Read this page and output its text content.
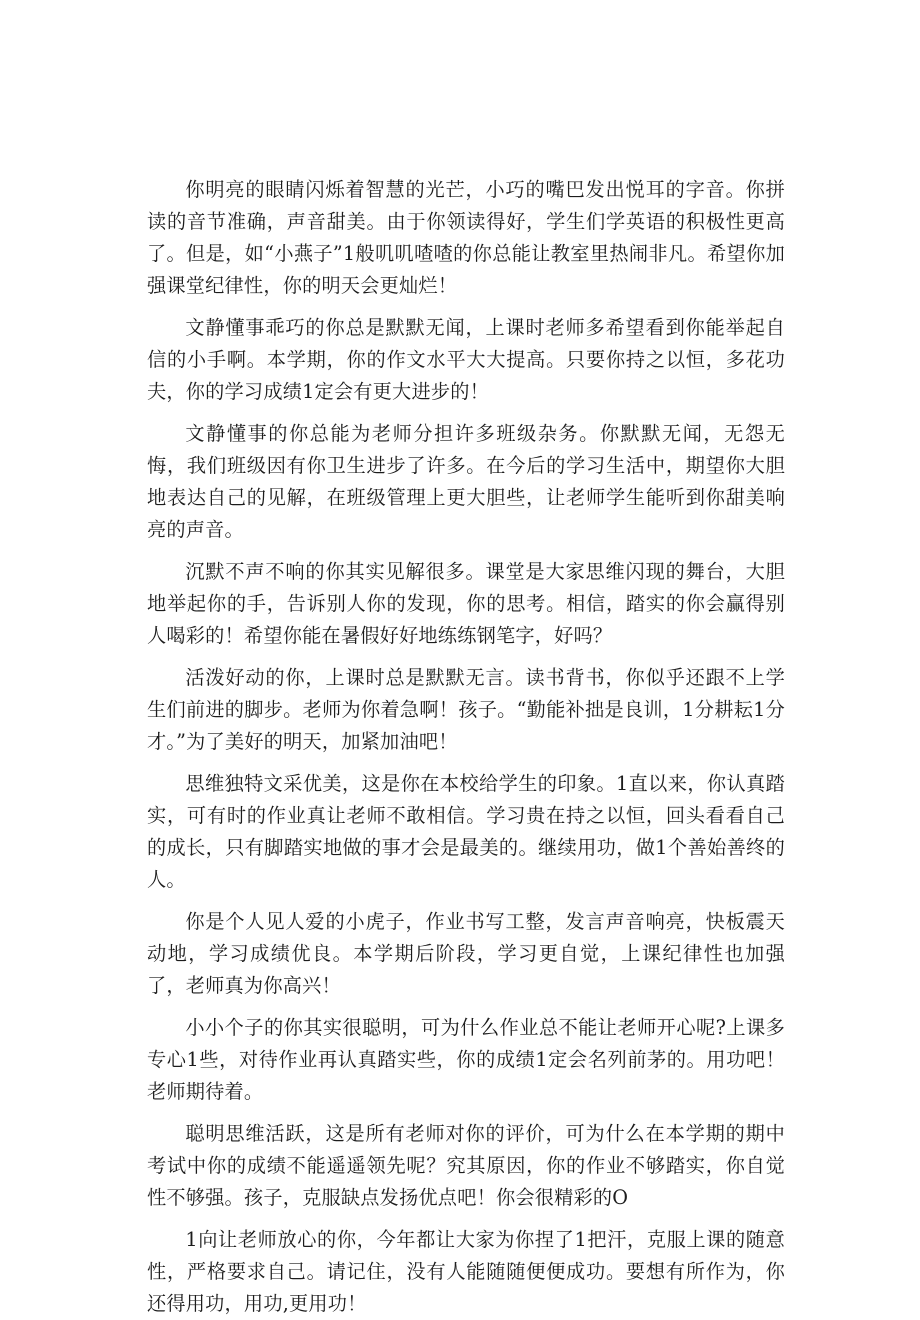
你明亮的眼睛闪烁着智慧的光芒，小巧的嘴巴发出悦耳的字音。你拼读的音节准确，声音甜美。由于你领读得好，学生们学英语的积极性更高了。但是，如“小燕子”1般叽叽喳喳的你总能让教室里热闹非凡。希望你加强课堂纪律性，你的明天会更灿烂！

文静懂事乖巧的你总是默默无闻，上课时老师多希望看到你能举起自信的小手啊。本学期，你的作文水平大大提高。只要你持之以恒，多花功夫，你的学习成绩1定会有更大进步的！

文静懂事的你总能为老师分担许多班级杂务。你默默无闻，无怨无悔，我们班级因有你卫生进步了许多。在今后的学习生活中，期望你大胆地表达自己的见解，在班级管理上更大胆些，让老师学生能听到你甜美响亮的声音。

沉默不声不响的你其实见解很多。课堂是大家思维闪现的舞台，大胆地举起你的手，告诉别人你的发现，你的思考。相信，踏实的你会赢得别人喝彩的！希望你能在暑假好好地练练钢笔字，好吗？

活泼好动的你，上课时总是默默无言。读书背书，你似乎还跟不上学生们前进的脚步。老师为你着急啊！孩子。“勤能补拙是良训，1分耕耘1分才。”为了美好的明天，加紧加油吧！

思维独特文采优美，这是你在本校给学生的印象。1直以来，你认真踏实，可有时的作业真让老师不敢相信。学习贵在持之以恒，回头看看自己的成长，只有脚踏实地做的事才会是最美的。继续用功，做1个善始善终的人。

你是个人见人爱的小虎子，作业书写工整，发言声音响亮，快板震天动地，学习成绩优良。本学期后阶段，学习更自觉，上课纪律性也加强了，老师真为你高兴！

小小个子的你其实很聪明，可为什么作业总不能让老师开心呢?上课多专心1些，对待作业再认真踏实些，你的成绩1定会名列前茅的。用功吧！老师期待着。

聪明思维活跃，这是所有老师对你的评价，可为什么在本学期的期中考试中你的成绩不能遥遥领先呢？究其原因，你的作业不够踏实，你自觉性不够强。孩子，克服缺点发扬优点吧！你会很精彩的O

1向让老师放心的你，今年都让大家为你捏了1把汗，克服上课的随意性，严格要求自己。请记住，没有人能随随便便成功。要想有所作为，你还得用功，用功,更用功！
